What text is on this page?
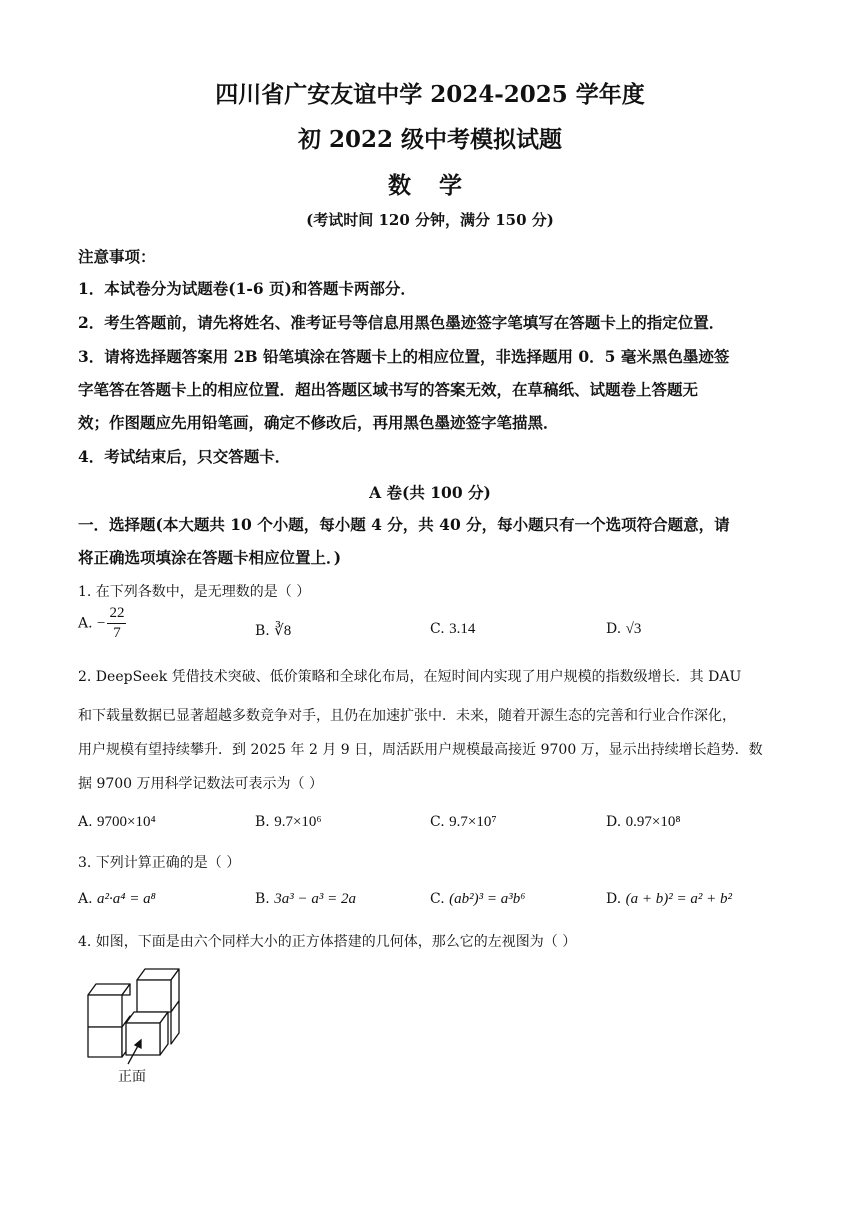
四川省广安友谊中学 2024-2025 学年度
初 2022 级中考模拟试题
数 学
(考试时间 120 分钟，满分 150 分)
注意事项：
1．本试卷分为试题卷(1-6 页)和答题卡两部分．
2．考生答题前，请先将姓名、准考证号等信息用黑色墨迹签字笔填写在答题卡上的指定位置．
3．请将选择题答案用 2B 铅笔填涂在答题卡上的相应位置，非选择题用 0．5 毫米黑色墨迹签
字笔答在答题卡上的相应位置．超出答题区域书写的答案无效，在草稿纸、试题卷上答题无
效；作图题应先用铅笔画，确定不修改后，再用黑色墨迹签字笔描黑．
4．考试结束后，只交答题卡．
A 卷(共 100 分)
一．选择题(本大题共 10 个小题，每小题 4 分，共 40 分，每小题只有一个选项符合题意，请
将正确选项填涂在答题卡相应位置上．)
1. 在下列各数中，是无理数的是（ ）
A. − $\frac{22}{7}$	B. ∛8	C. 3.14	D. √3
2. DeepSeek 凭借技术突破、低价策略和全球化布局，在短时间内实现了用户规模的指数级增长．其 DAU
和下载量数据已显著超越多数竞争对手，且仍在加速扩张中．未来，随着开源生态的完善和行业合作深化，
用户规模有望持续攀升．到 2025 年 2 月 9 日，周活跃用户规模最高接近 9700 万，显示出持续增长趋势．数
据 9700 万用科学记数法可表示为（ ）
A. 9700×10⁴	B. 9.7×10⁶	C. 9.7×10⁷	D. 0.97×10⁸
3. 下列计算正确的是（ ）
A. a²·a⁴ = a⁸	B. 3a³ − a³ = 2a	C. (ab²)³ = a³b⁶	D. (a + b)² = a² + b²
4. 如图，下面是由六个同样大小的正方体搭建的几何体，那么它的左视图为（ ）
正面
